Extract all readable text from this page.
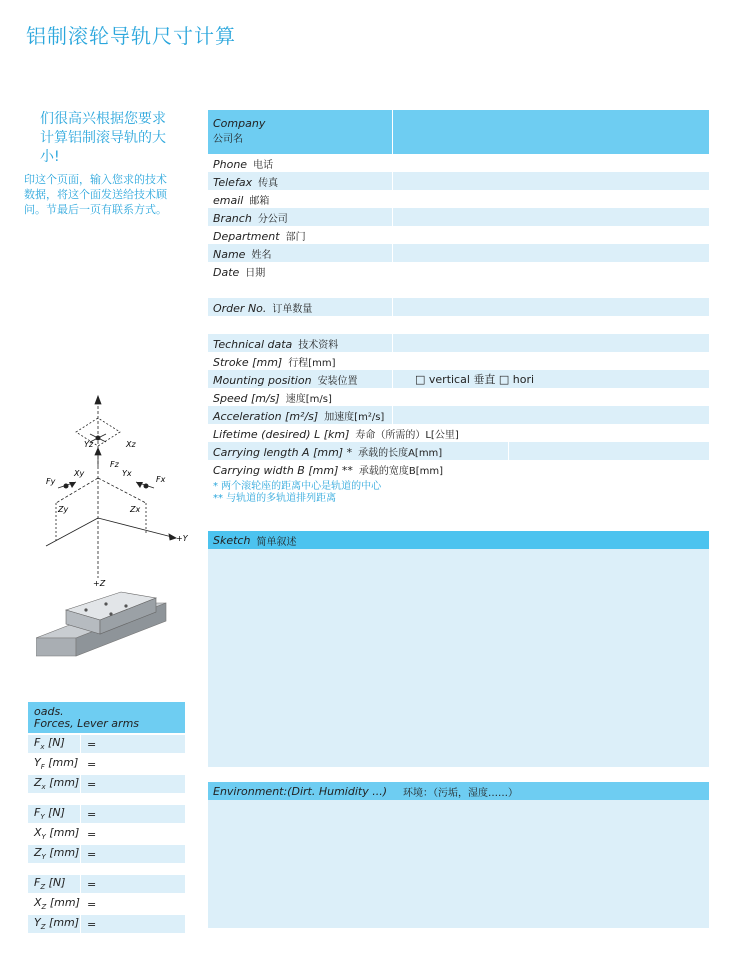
铝制滚轮导轨尺寸计算
们很高兴根据您要求计算铝制滚导轨的大小!
印这个页面，输入您求的技术数据，将这个面发送给技术顾问。节最后一页有联系方式。
Company
公司名
Phone 电话
Telefax 传真
email 邮箱
Branch 分公司
Department 部门
Name 姓名
Date 日期
Order No. 订单数量
Technical data 技术资料
Stroke [mm] 行程[mm]
Mounting position 安装位置	□ vertical 垂直 □ hori
Speed [m/s] 速度[m/s]
Acceleration [m²/s] 加速度[m²/s]
Lifetime (desired) L [km] 寿命（所需的）L[公里]
Carrying length A [mm] * 承载的长度A[mm]
Carrying width B [mm] ** 承载的宽度B[mm]
* 两个滚轮座的距离中心是轨道的中心
** 与轨道的多轨道排列距离
Sketch 简单叙述
Environment:(Dirt. Humidity ...) 环境：（污垢，湿度……）
Yz	Xz
Fz
Xy	Yx
Fy	Fx
Zy	Zx
+Y
+Z
oads.
Forces, Lever arms
$F_x$ [N]	=
$Y_F$ [mm] =
$Z_x$ [mm] =
$F_Y$ [N]	=
$X_Y$ [mm] =
$Z_Y$ [mm] =
$F_Z$ [N]	=
$X_Z$ [mm] =
$Y_Z$ [mm] =
